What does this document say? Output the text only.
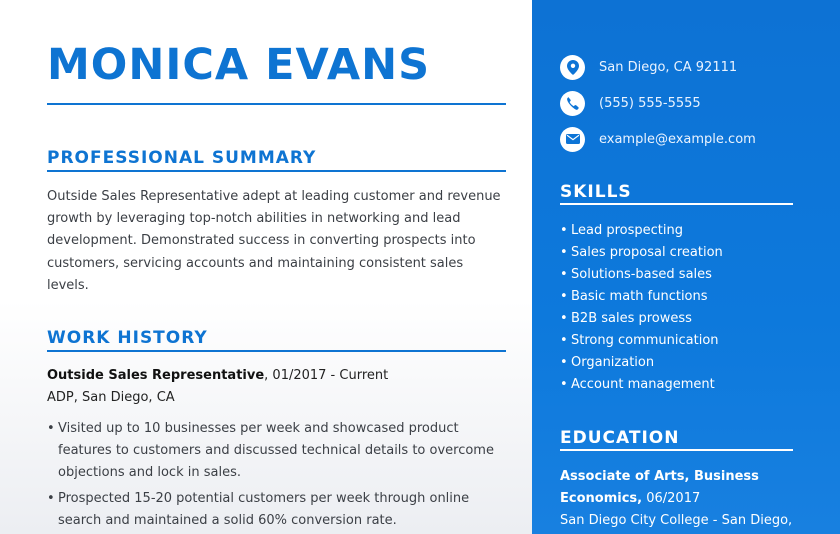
MONICA EVANS
PROFESSIONAL SUMMARY

Outside Sales Representative adept at leading customer and revenue growth by leveraging top-notch abilities in networking and lead development. Demonstrated success in converting prospects into customers, servicing accounts and maintaining consistent sales levels.

WORK HISTORY
Outside Sales Representative, 01/2017 - Current
ADP, San Diego, CA
• Visited up to 10 businesses per week and showcased product features to customers and discussed technical details to overcome objections and lock in sales.
• Prospected 15-20 potential customers per week through online search and maintained a solid 60% conversion rate.
San Diego, CA 92111
(555) 555-5555
example@example.com
SKILLS
• Lead prospecting
• Sales proposal creation
• Solutions-based sales
• Basic math functions
• B2B sales prowess
• Strong communication
• Organization
• Account management
EDUCATION
Associate of Arts, Business Economics, 06/2017
San Diego City College - San Diego,
